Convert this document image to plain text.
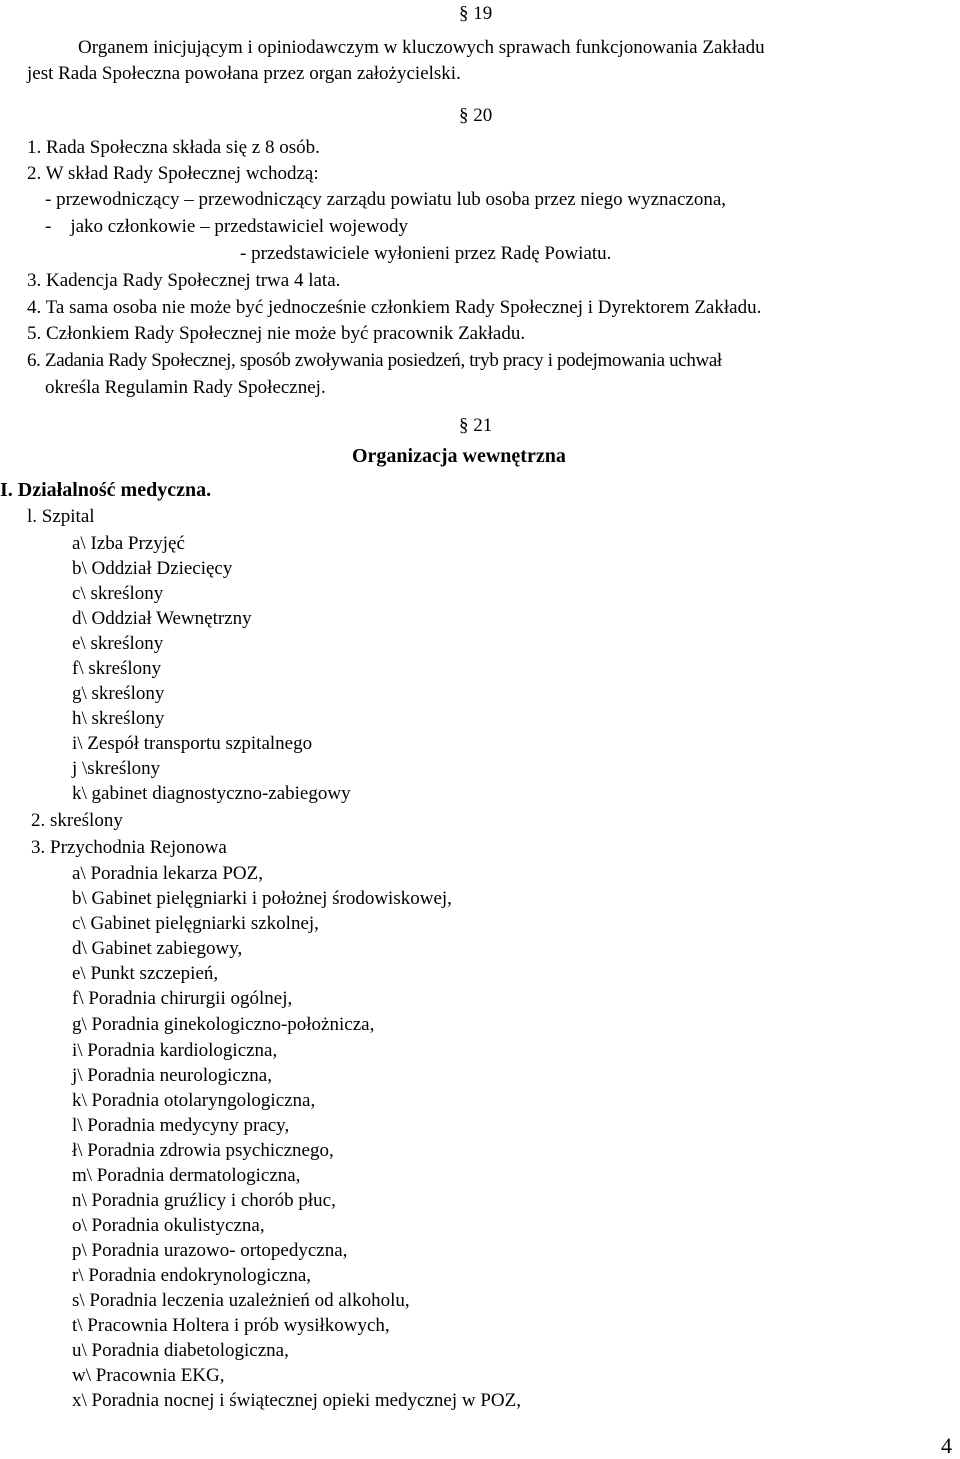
§ 19
Organem inicjującym i opiniodawczym w kluczowych sprawach funkcjonowania Zakładu
jest Rada Społeczna powołana przez organ założycielski.
§ 20
1. Rada Społeczna składa się z 8 osób.
2. W skład Rady Społecznej wchodzą:
- przewodniczący – przewodniczący zarządu powiatu lub osoba przez niego wyznaczona,
-    jako członkowie – przedstawiciel wojewody
- przedstawiciele wyłonieni przez Radę Powiatu.
3. Kadencja Rady Społecznej trwa 4 lata.
4. Ta sama osoba nie może być jednocześnie członkiem Rady Społecznej i Dyrektorem Zakładu.
5. Członkiem Rady Społecznej nie może być pracownik Zakładu.
6. Zadania Rady Społecznej, sposób zwoływania posiedzeń, tryb pracy i podejmowania uchwał
określa Regulamin Rady Społecznej.
§ 21
Organizacja wewnętrzna
I. Działalność medyczna.
l. Szpital
a\ Izba Przyjęć
b\ Oddział Dziecięcy
c\ skreślony
d\ Oddział Wewnętrzny
e\ skreślony
f\ skreślony
g\ skreślony
h\ skreślony
i\ Zespół transportu szpitalnego
j \skreślony
k\ gabinet diagnostyczno-zabiegowy
2. skreślony
3. Przychodnia Rejonowa
a\ Poradnia lekarza POZ,
b\ Gabinet pielęgniarki i położnej środowiskowej,
c\ Gabinet pielęgniarki szkolnej,
d\ Gabinet zabiegowy,
e\ Punkt szczepień,
f\ Poradnia chirurgii ogólnej,
g\ Poradnia ginekologiczno-położnicza,
i\ Poradnia kardiologiczna,
j\ Poradnia neurologiczna,
k\ Poradnia otolaryngologiczna,
l\ Poradnia medycyny pracy,
ł\ Poradnia zdrowia psychicznego,
m\ Poradnia dermatologiczna,
n\ Poradnia gruźlicy i chorób płuc,
o\ Poradnia okulistyczna,
p\ Poradnia urazowo- ortopedyczna,
r\ Poradnia endokrynologiczna,
s\ Poradnia leczenia uzależnień od alkoholu,
t\ Pracownia Holtera i prób wysiłkowych,
u\ Poradnia diabetologiczna,
w\ Pracownia EKG,
x\ Poradnia nocnej i świątecznej opieki medycznej w POZ,
4
